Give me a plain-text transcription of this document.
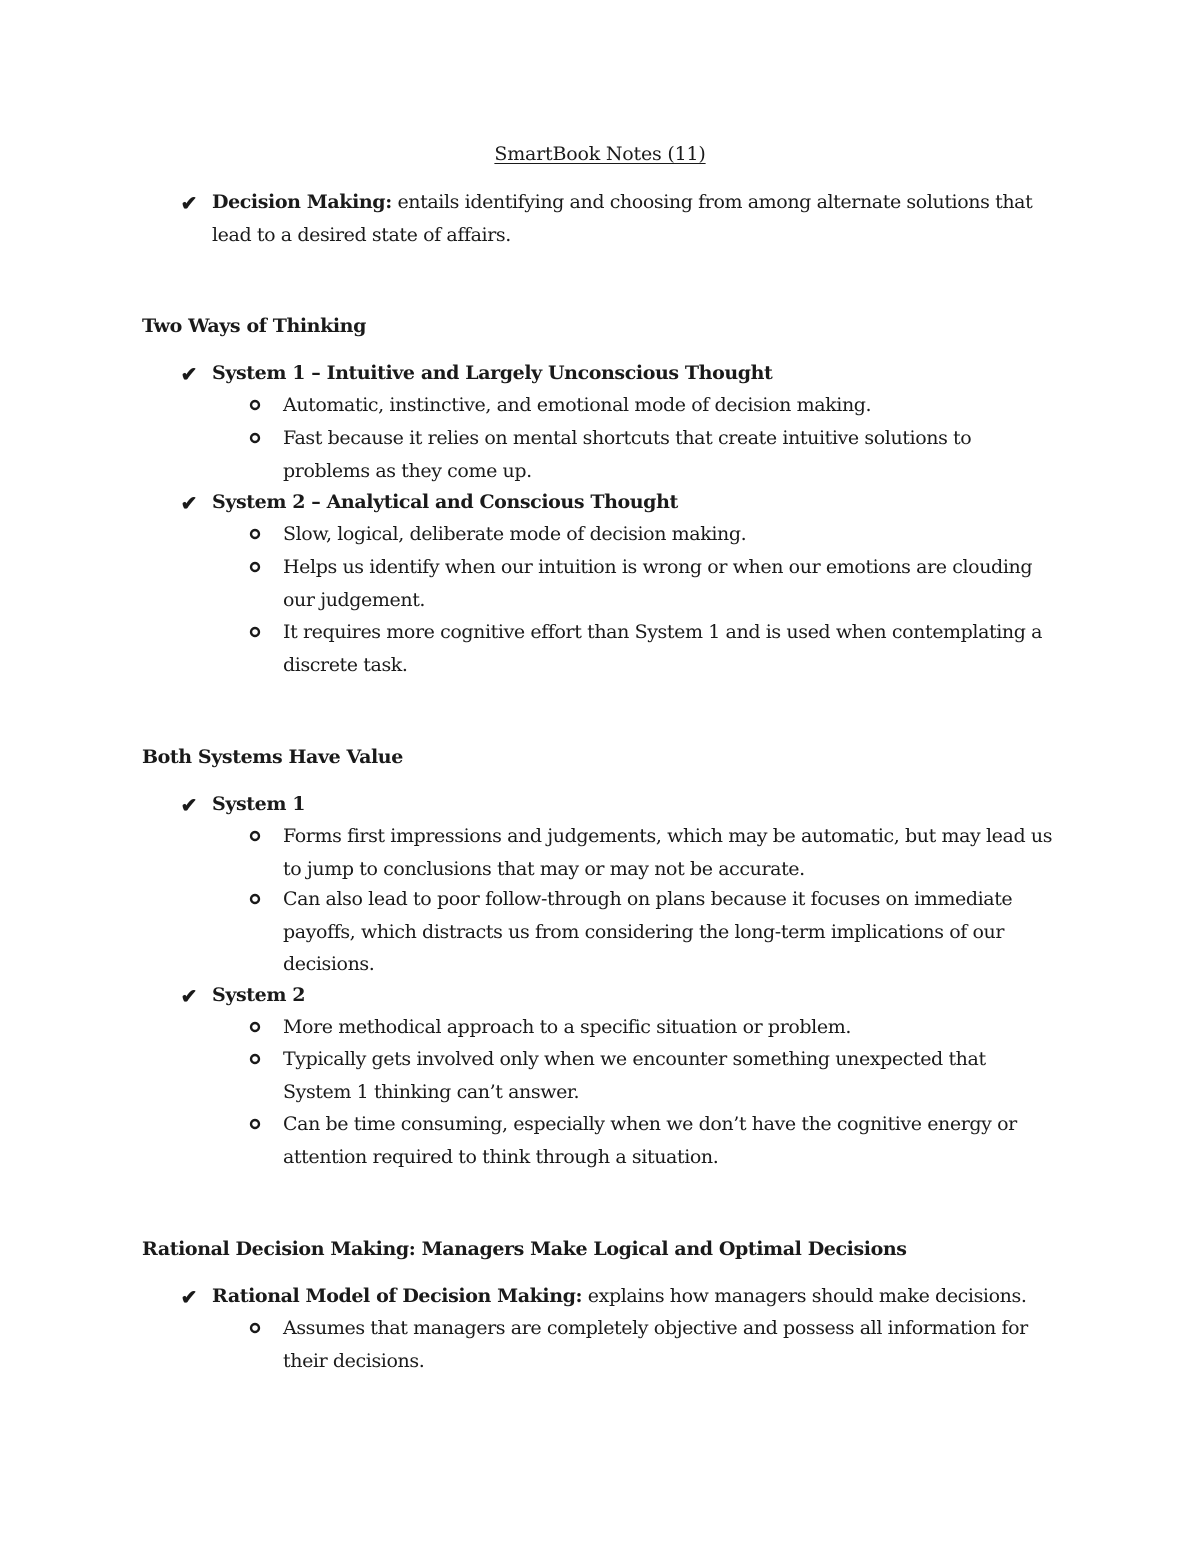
SmartBook Notes (11)
✔ Decision Making: entails identifying and choosing from among alternate solutions that lead to a desired state of affairs.
Two Ways of Thinking
✔ System 1 – Intuitive and Largely Unconscious Thought
Automatic, instinctive, and emotional mode of decision making.
Fast because it relies on mental shortcuts that create intuitive solutions to problems as they come up.
✔ System 2 – Analytical and Conscious Thought
Slow, logical, deliberate mode of decision making.
Helps us identify when our intuition is wrong or when our emotions are clouding our judgement.
It requires more cognitive effort than System 1 and is used when contemplating a discrete task.
Both Systems Have Value
✔ System 1
Forms first impressions and judgements, which may be automatic, but may lead us to jump to conclusions that may or may not be accurate.
Can also lead to poor follow-through on plans because it focuses on immediate payoffs, which distracts us from considering the long-term implications of our decisions.
✔ System 2
More methodical approach to a specific situation or problem.
Typically gets involved only when we encounter something unexpected that System 1 thinking can’t answer.
Can be time consuming, especially when we don’t have the cognitive energy or attention required to think through a situation.
Rational Decision Making: Managers Make Logical and Optimal Decisions
✔ Rational Model of Decision Making: explains how managers should make decisions.
Assumes that managers are completely objective and possess all information for their decisions.
